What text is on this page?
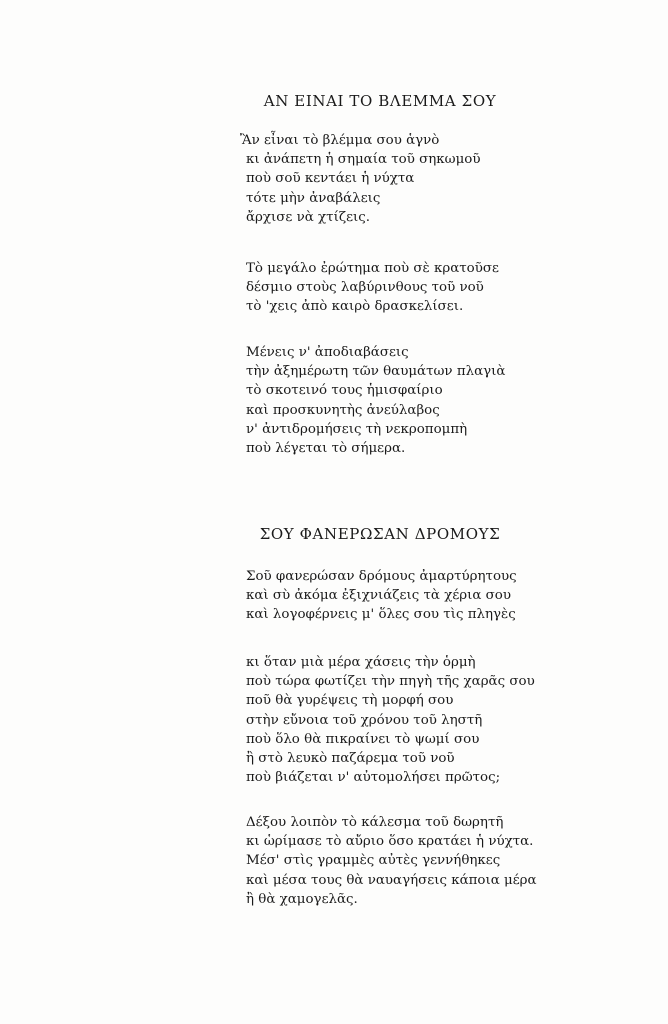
ΑΝ ΕΙΝΑΙ ΤΟ ΒΛΕΜΜΑ ΣΟΥ
Ἂν εἶναι τὸ βλέμμα σου ἁγνὸ
κι ἀνάπετη ἡ σημαία τοῦ σηκωμοῦ
ποὺ σοῦ κεντάει ἡ νύχτα
τότε μὴν ἀναβάλεις
ἄρχισε νὰ χτίζεις.
Τὸ μεγάλο ἐρώτημα ποὺ σὲ κρατοῦσε
δέσμιο στοὺς λαβύρινθους τοῦ νοῦ
τὸ 'χεις ἀπὸ καιρὸ δρασκελίσει.
Μένεις ν' ἀποδιαβάσεις
τὴν ἀξημέρωτη τῶν θαυμάτων πλαγιὰ
τὸ σκοτεινό τους ἡμισφαίριο
καὶ προσκυνητὴς ἀνεύλαβος
ν' ἀντιδρομήσεις τὴ νεκροπομπὴ
ποὺ λέγεται τὸ σήμερα.
ΣΟΥ ΦΑΝΕΡΩΣΑΝ ΔΡΟΜΟΥΣ
Σοῦ φανερώσαν δρόμους ἀμαρτύρητους
καὶ σὺ ἀκόμα ἐξιχνιάζεις τὰ χέρια σου
καὶ λογοφέρνεις μ' ὅλες σου τὶς πληγὲς
κι ὅταν μιὰ μέρα χάσεις τὴν ὁρμὴ
ποὺ τώρα φωτίζει τὴν πηγὴ τῆς χαρᾶς σου
ποῦ θὰ γυρέψεις τὴ μορφή σου
στὴν εὔνοια τοῦ χρόνου τοῦ ληστῆ
ποὺ ὅλο θὰ πικραίνει τὸ ψωμί σου
ἢ στὸ λευκὸ παζάρεμα τοῦ νοῦ
ποὺ βιάζεται ν' αὐτομολήσει πρῶτος;
Δέξου λοιπὸν τὸ κάλεσμα τοῦ δωρητῆ
κι ὡρίμασε τὸ αὔριο ὅσο κρατάει ἡ νύχτα.
Μέσ' στὶς γραμμὲς αὐτὲς γεννήθηκες
καὶ μέσα τους θὰ ναυαγήσεις κάποια μέρα
ἢ θὰ χαμογελᾶς.
